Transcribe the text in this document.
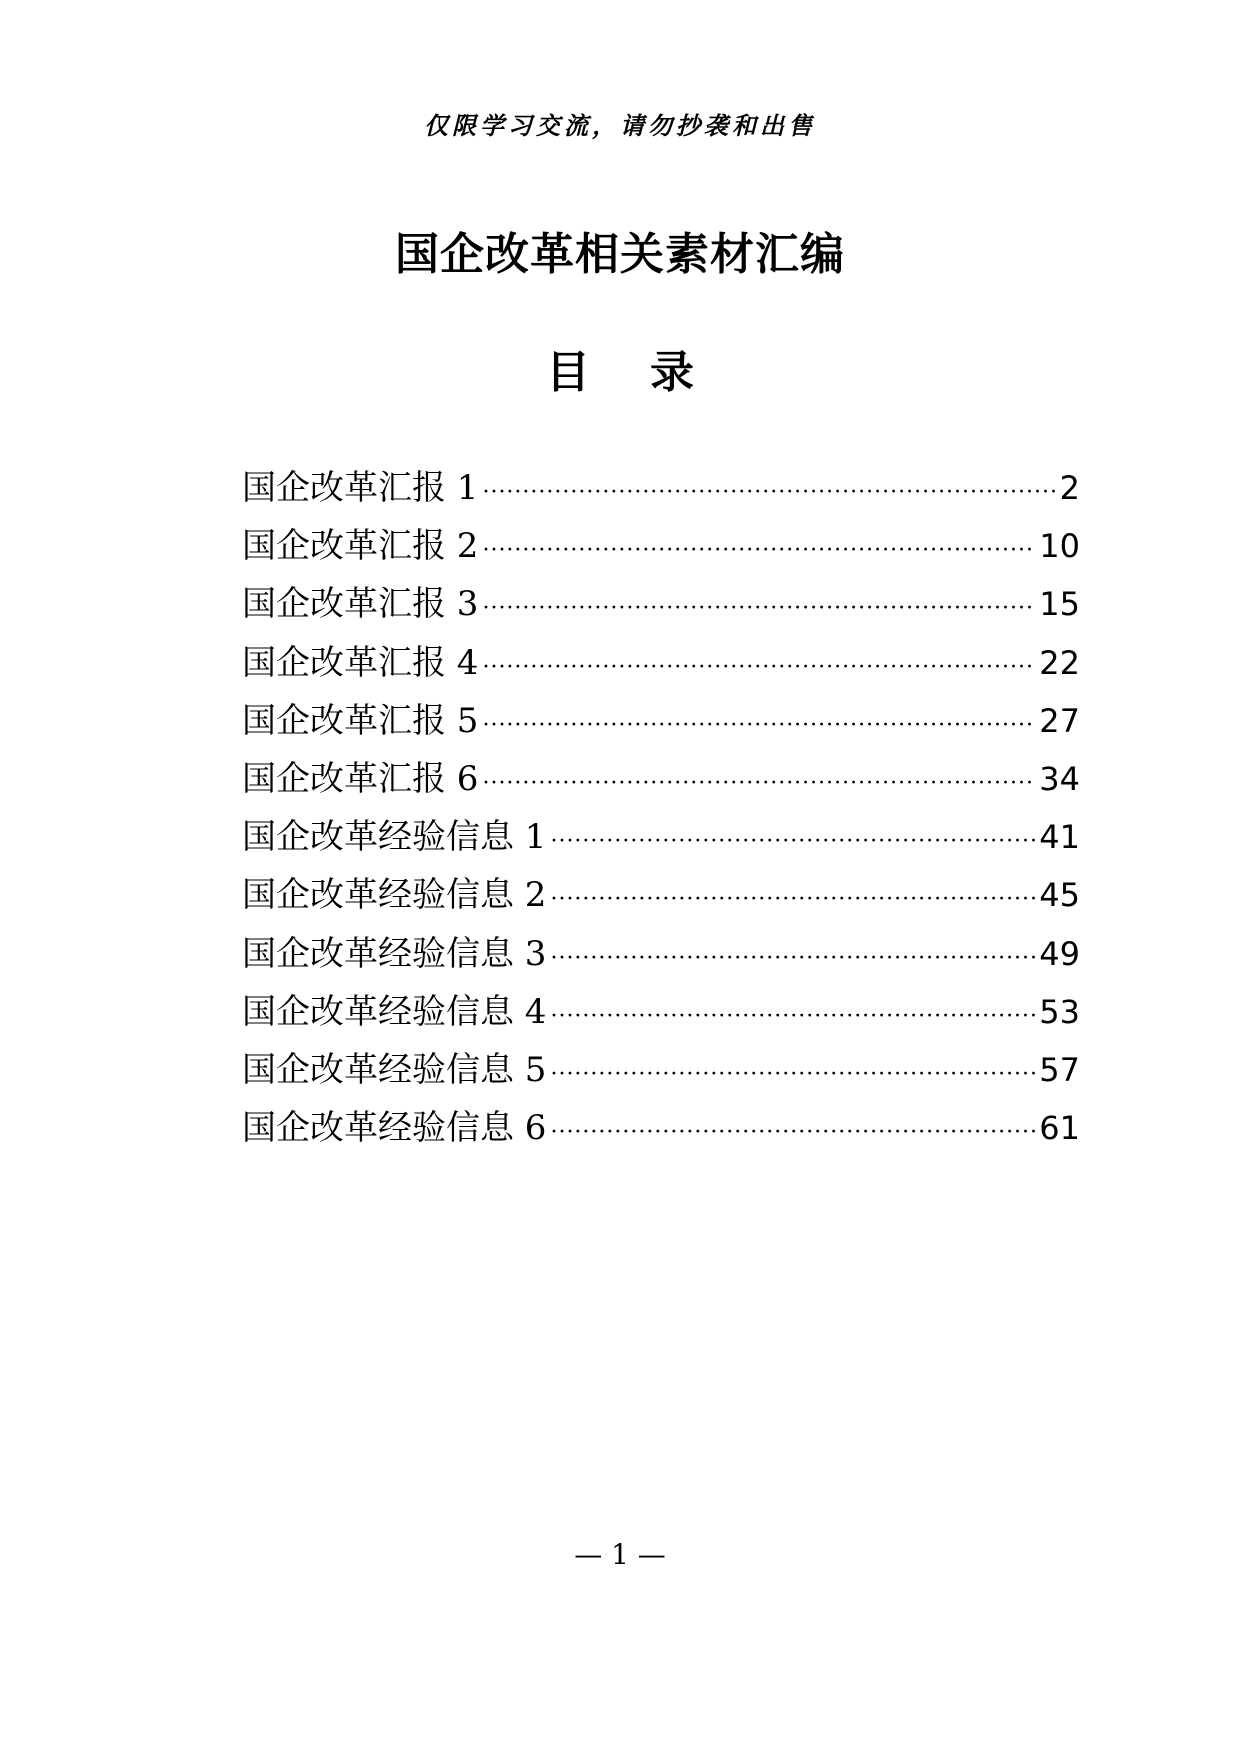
仅限学习交流，请勿抄袭和出售
国企改革相关素材汇编
目 录
国企改革汇报 1 ·····	2
国企改革汇报 2 ·····	10
国企改革汇报 3 ·····	15
国企改革汇报 4 ·····	22
国企改革汇报 5 ·····	27
国企改革汇报 6 ·····	34
国企改革经验信息 1 ·····	41
国企改革经验信息 2 ·····	45
国企改革经验信息 3 ·····	49
国企改革经验信息 4 ·····	53
国企改革经验信息 5 ·····	57
国企改革经验信息 6 ·····	61
— 1 —
